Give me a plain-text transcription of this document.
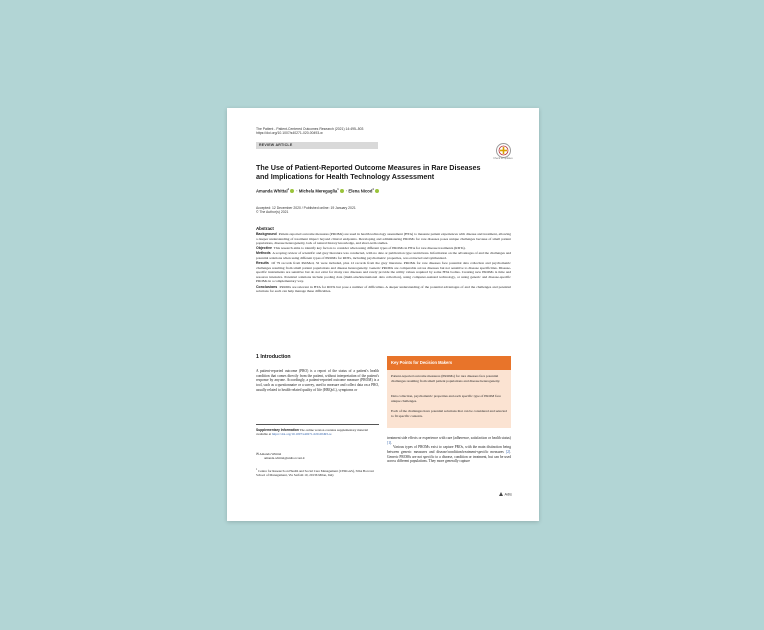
The Patient - Patient-Centered Outcomes Research (2021) 14:495–503
https://doi.org/10.1007/s40271-020-00493-w
REVIEW ARTICLE
Check for updates
The Use of Patient-Reported Outcome Measures in Rare Diseases and Implications for Health Technology Assessment
Amanda Whittal$^1$ · Michela Meregaglia$^1$ · Elena Nicod$^1$
Accepted: 12 December 2020 / Published online: 19 January 2021
© The Author(s) 2021
Abstract

Background Patient-reported outcome measures (PROMs) are used in health technology assessment (HTA) to measure patient experiences with disease and treatment, allowing a deeper understanding of treatment impact beyond clinical endpoints. Developing and administering PROMs for rare diseases poses unique challenges because of small patient populations, disease heterogeneity, lack of natural history knowledge, and short-term studies.

Objective This research aims to identify key factors to consider when using different types of PROMs in HTA for rare disease treatments (RDTs).

Methods A scoping review of scientific and grey literature was conducted, with no date or publication type restrictions. Information on the advantages of and the challenges and potential solutions when using different types of PROMs for RDTs, including psychometric properties, was extracted and synthesized.

Results Of 79 records from PubMed, 32 were included, plus 12 records from the grey literature. PROMs for rare diseases face potential data collection and psychometric challenges resulting from small patient populations and disease heterogeneity. Generic PROMs are comparable across diseases but not sensitive to disease specificities. Disease-specific instruments are sensitive but do not exist for many rare diseases and rarely provide the utility values required by some HTA bodies. Creating new PROMs is time and resource intensive. Potential solutions include pooling data (multi-site/international data collection), using computer-assisted technology, or using generic and disease-specific PROMs in a complementary way.

Conclusions PROMs are relevant in HTA for RDTs but pose a number of difficulties. A deeper understanding of the potential advantages of and the challenges and potential solutions for each can help manage these difficulties.

1 Introduction
A patient-reported outcome (PRO) is a report of the status of a patient's health condition that comes directly from the patient, without interpretation of the patient's response by anyone. Accordingly, a patient-reported outcome measure (PROM) is a tool, such as a questionnaire or a survey, used to measure and collect data on a PRO, usually related to health-related quality of life (HRQoL), symptoms or
Supplementary Information The online version contains supplementary material available at https://doi.org/10.1007/s40271-020-00493-w.
✉ Amanda Whittal
amanda.whittal@unibocconi.it
$^1$ Centre for Research on Health and Social Care Management (CERGAS), SDA Bocconi School of Management, Via Sarfatti 10, 20136 Milan, Italy
Key Points for Decision Makers
Patient-reported outcome measures (PROMs) for rare diseases face potential challenges resulting from small patient populations and disease heterogeneity.
Data collection, psychometric properties and each specific type of PROM face unique challenges.
Each of the challenges have potential solutions that can be considered and selected to fit specific contexts.

treatment side effects or experience with care (adherence, satisfaction or health status) [1].

Various types of PROMs exist to capture PROs, with the main distinction being between generic measures and disease/condition/treatment-specific measures [2]. Generic PROMs are not specific to a disease, condition or treatment, but can be used across different populations. They more generally capture

Adis
